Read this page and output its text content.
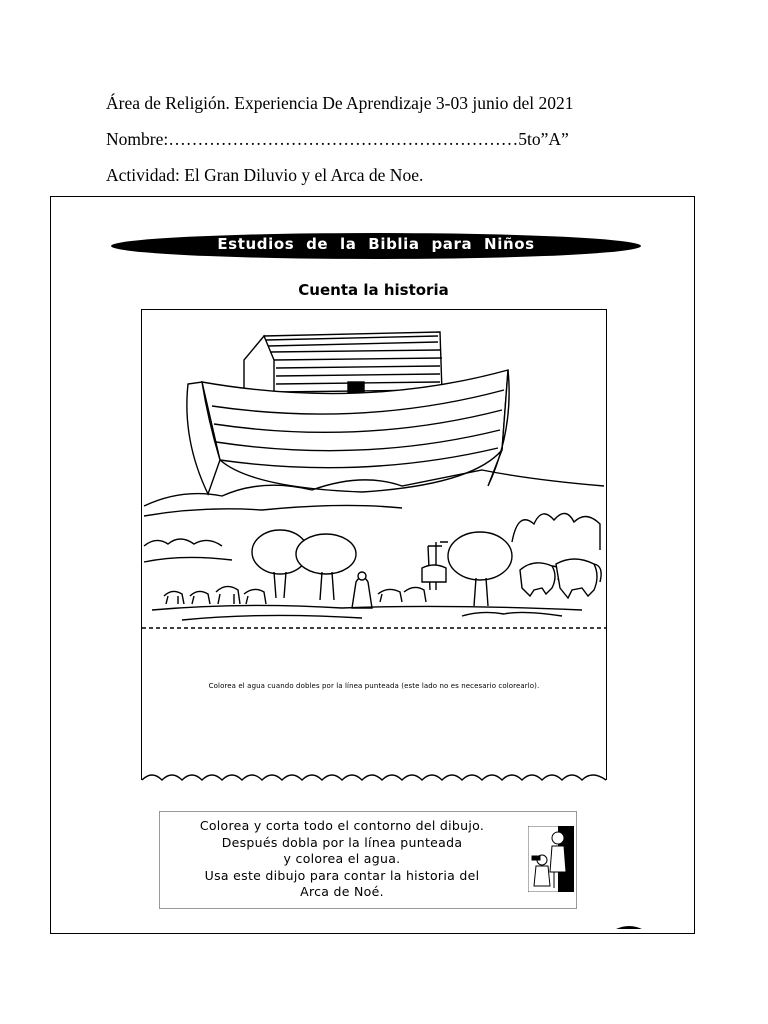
Área de Religión. Experiencia De Aprendizaje 3-03 junio del 2021
Nombre:……………………………………………………5to”A”
Actividad: El Gran Diluvio y el Arca de Noe.
Estudios de la Biblia para Niños
Cuenta la historia
Colorea el agua cuando dobles por la línea punteada (este lado no es necesario colorearlo).
Colorea y corta todo el contorno del dibujo.
Después dobla por la línea punteada
y colorea el agua.
Usa este dibujo para contar la historia del
Arca de Noé.
